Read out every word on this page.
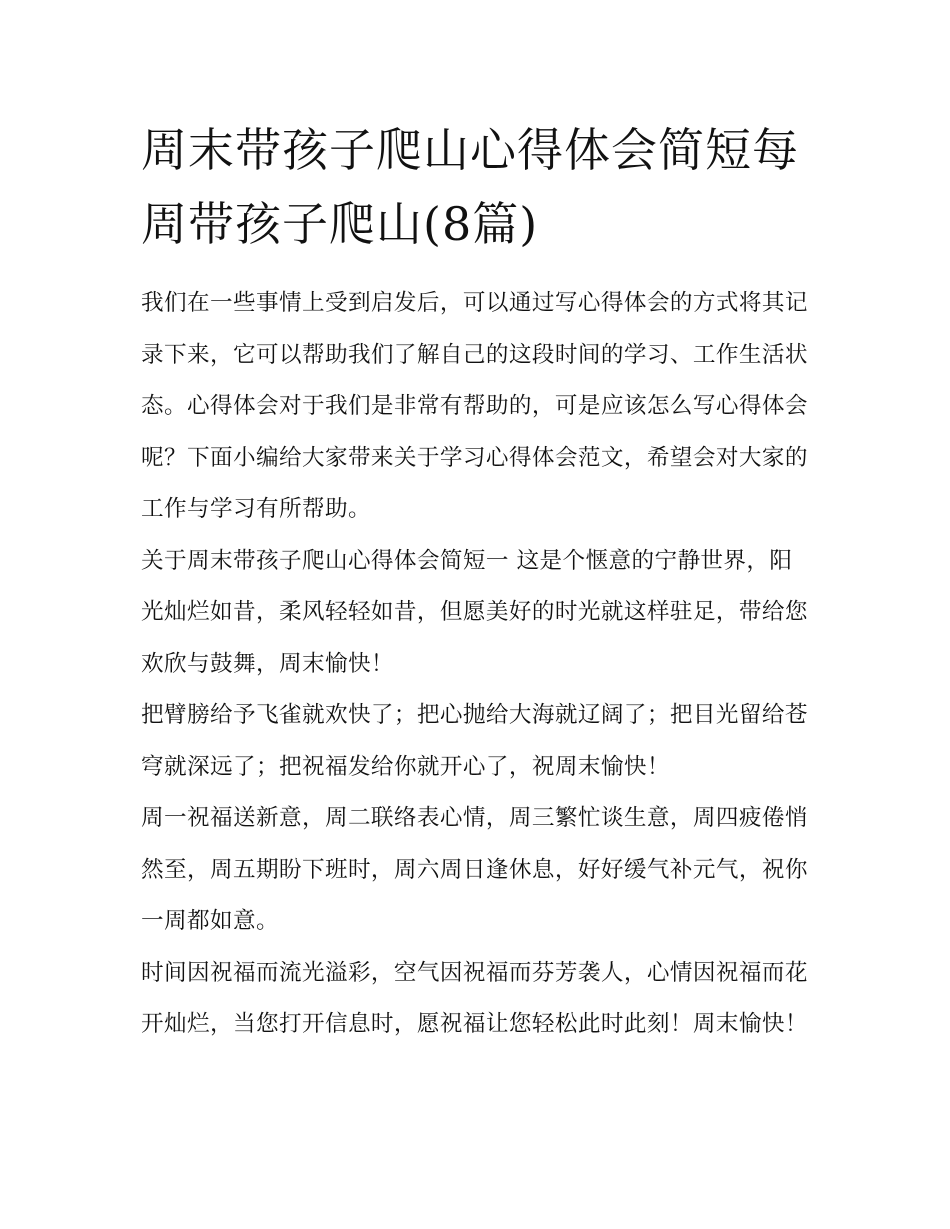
周末带孩子爬山心得体会简短每周带孩子爬山(8篇)

我们在一些事情上受到启发后，可以通过写心得体会的方式将其记录下来，它可以帮助我们了解自己的这段时间的学习、工作生活状态。心得体会对于我们是非常有帮助的，可是应该怎么写心得体会呢？下面小编给大家带来关于学习心得体会范文，希望会对大家的工作与学习有所帮助。

关于周末带孩子爬山心得体会简短一 这是个惬意的宁静世界，阳光灿烂如昔，柔风轻轻如昔，但愿美好的时光就这样驻足，带给您欢欣与鼓舞，周末愉快！

把臂膀给予飞雀就欢快了；把心抛给大海就辽阔了；把目光留给苍穹就深远了；把祝福发给你就开心了，祝周末愉快！

周一祝福送新意，周二联络表心情，周三繁忙谈生意，周四疲倦悄然至，周五期盼下班时，周六周日逢休息，好好缓气补元气，祝你一周都如意。

时间因祝福而流光溢彩，空气因祝福而芬芳袭人，心情因祝福而花开灿烂，当您打开信息时，愿祝福让您轻松此时此刻！周末愉快！
